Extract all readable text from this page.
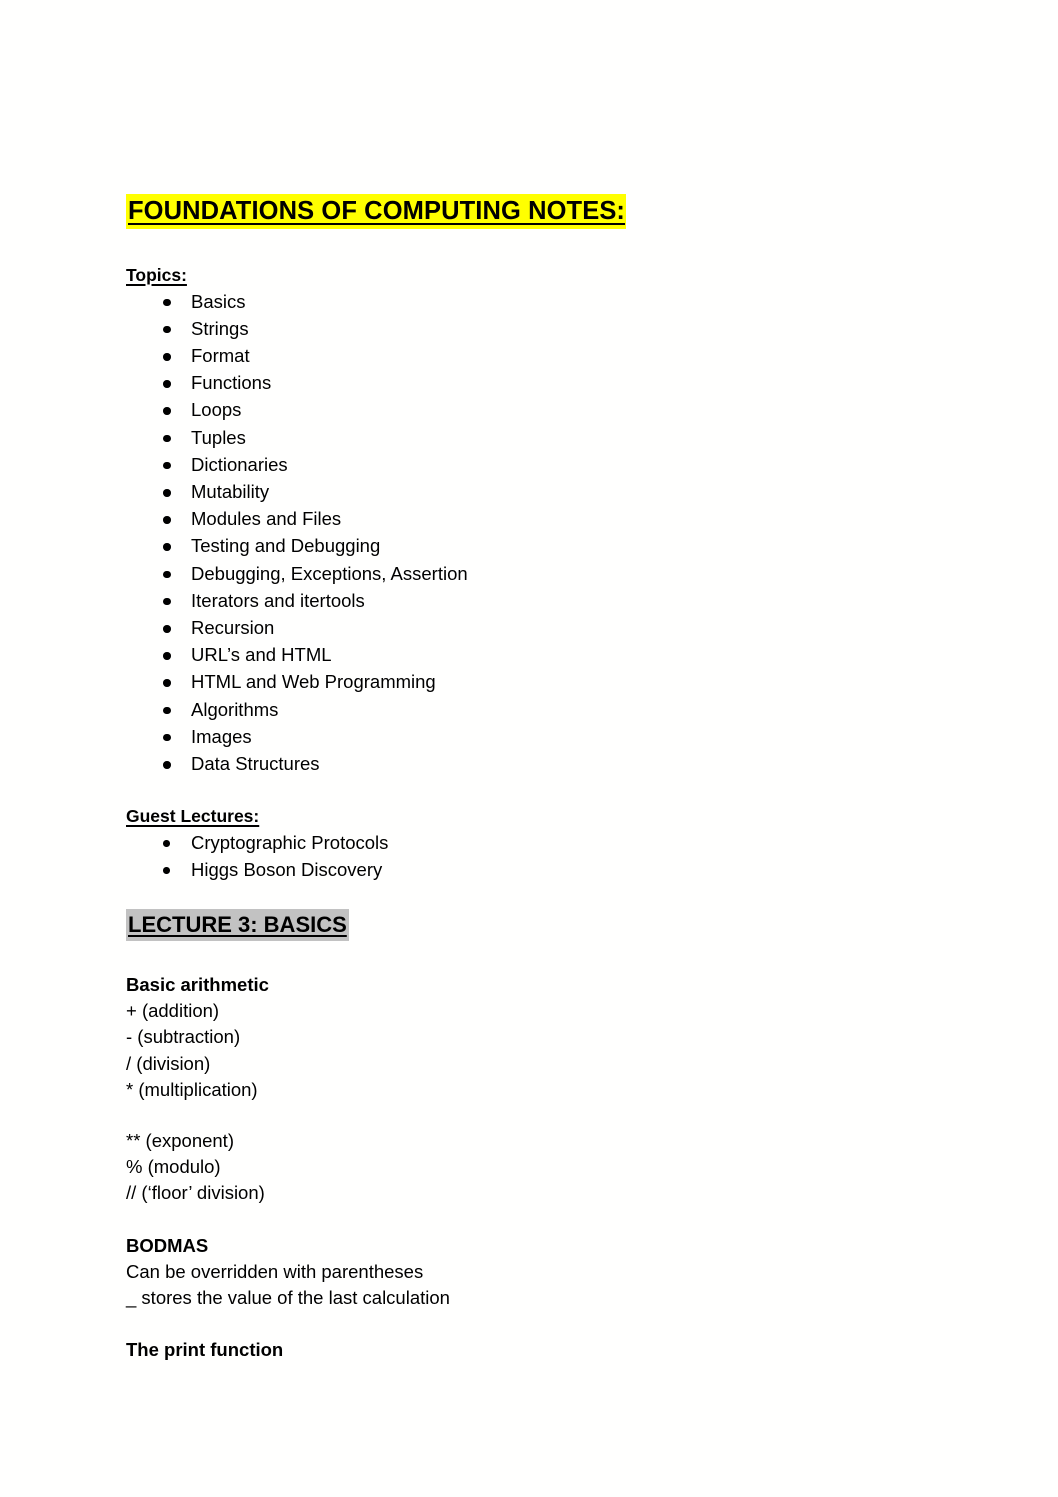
FOUNDATIONS OF COMPUTING NOTES:
Topics:
Basics
Strings
Format
Functions
Loops
Tuples
Dictionaries
Mutability
Modules and Files
Testing and Debugging
Debugging, Exceptions, Assertion
Iterators and itertools
Recursion
URL’s and HTML
HTML and Web Programming
Algorithms
Images
Data Structures
Guest Lectures:
Cryptographic Protocols
Higgs Boson Discovery
LECTURE 3: BASICS
Basic arithmetic
+ (addition)
- (subtraction)
/ (division)
* (multiplication)
** (exponent)
% (modulo)
// (‘floor’ division)
BODMAS
Can be overridden with parentheses
_ stores the value of the last calculation
The print function
